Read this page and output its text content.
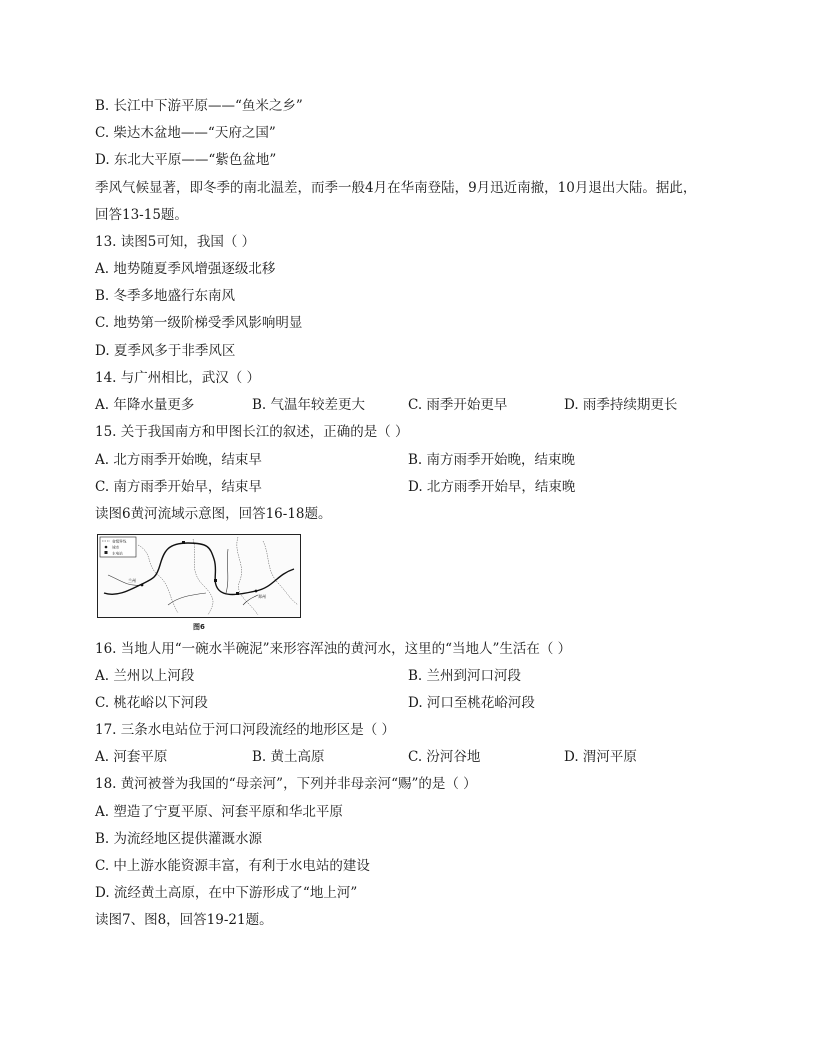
B. 长江中下游平原——“鱼米之乡”
C. 柴达木盆地——“天府之国”
D. 东北大平原——“紫色盆地”
季风气候显著，即冬季的南北温差，而季一般4月在华南登陆，9月迅近南撤，10月退出大陆。据此，
回答13-15题。
13. 读图5可知，我国（ ）
A. 地势随夏季风增强逐级北移
B. 冬季多地盛行东南风
C. 地势第一级阶梯受季风影响明显
D. 夏季风多于非季风区
14. 与广州相比，武汉（ ）
A. 年降水量更多	B. 气温年较差更大	C. 雨季开始更早	D. 雨季持续期更长
15. 关于我国南方和甲图长江的叙述，正确的是（ ）
A. 北方雨季开始晚，结束早	B. 南方雨季开始晚，结束晚
C. 南方雨季开始早，结束早	D. 北方雨季开始早，结束晚
读图6黄河流域示意图，回答16-18题。
省级界线
城市
水电站
兰州
郑州
图6
16. 当地人用“一碗水半碗泥”来形容浑浊的黄河水，这里的“当地人”生活在（ ）
A. 兰州以上河段	B. 兰州到河口河段
C. 桃花峪以下河段	D. 河口至桃花峪河段
17. 三条水电站位于河口河段流经的地形区是（ ）
A. 河套平原	B. 黄土高原	C. 汾河谷地	D. 渭河平原
18. 黄河被誉为我国的“母亲河”，下列并非母亲河“赐”的是（ ）
A. 塑造了宁夏平原、河套平原和华北平原
B. 为流经地区提供灌溉水源
C. 中上游水能资源丰富，有利于水电站的建设
D. 流经黄土高原，在中下游形成了“地上河”
读图7、图8，回答19-21题。
